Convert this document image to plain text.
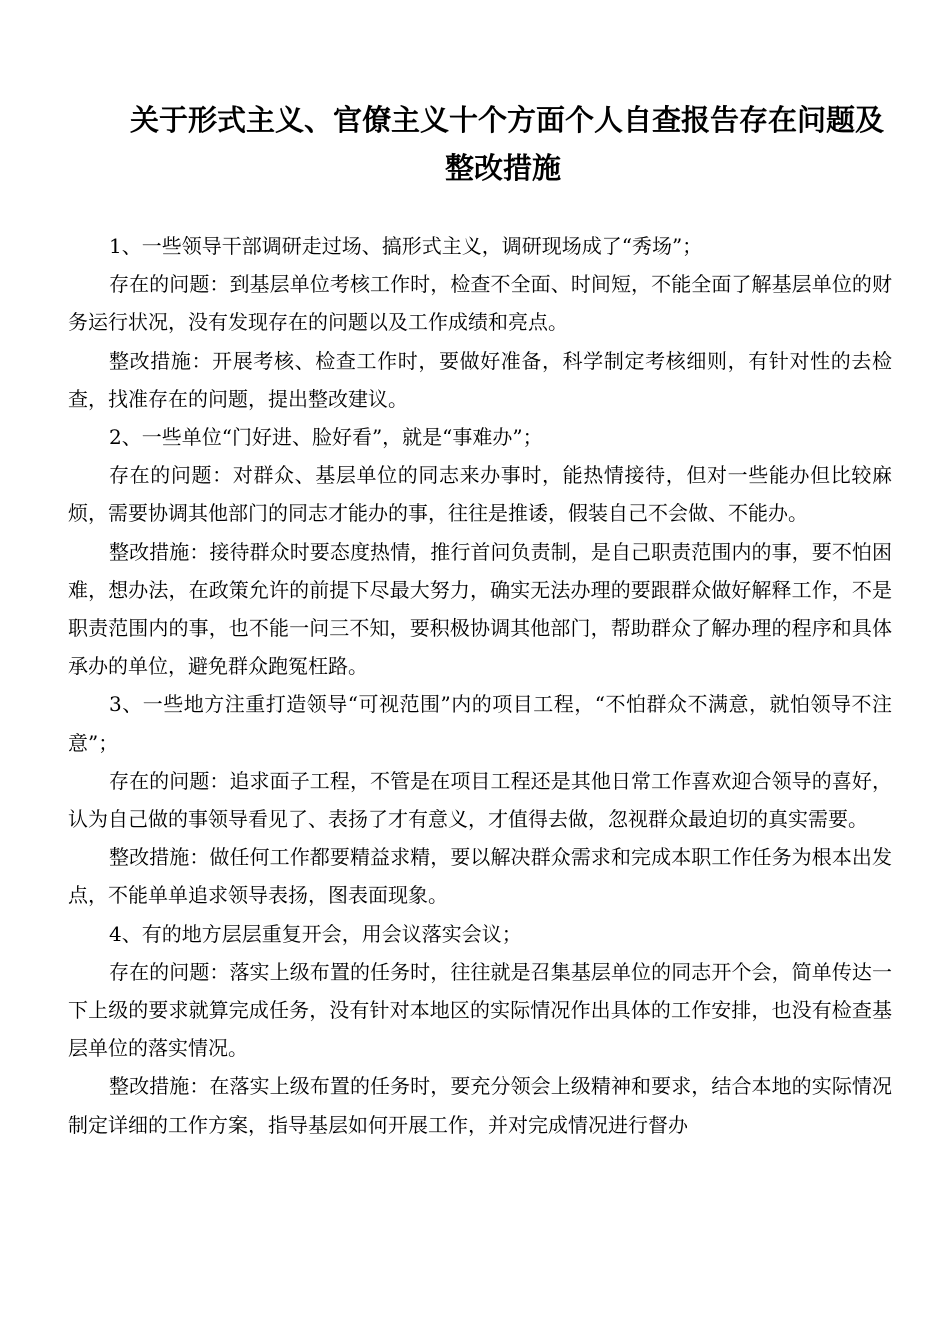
关于形式主义、官僚主义十个方面个人自查报告存在问题及
整改措施

1、一些领导干部调研走过场、搞形式主义，调研现场成了“秀场”；

存在的问题：到基层单位考核工作时，检查不全面、时间短，不能全面了解基层单位的财务运行状况，没有发现存在的问题以及工作成绩和亮点。

整改措施：开展考核、检查工作时，要做好准备，科学制定考核细则，有针对性的去检查，找准存在的问题，提出整改建议。

2、一些单位“门好进、脸好看”，就是“事难办”；

存在的问题：对群众、基层单位的同志来办事时，能热情接待，但对一些能办但比较麻烦，需要协调其他部门的同志才能办的事，往往是推诿，假装自己不会做、不能办。

整改措施：接待群众时要态度热情，推行首问负责制，是自己职责范围内的事，要不怕困难，想办法，在政策允许的前提下尽最大努力，确实无法办理的要跟群众做好解释工作，不是职责范围内的事，也不能一问三不知，要积极协调其他部门，帮助群众了解办理的程序和具体承办的单位，避免群众跑冤枉路。

3、一些地方注重打造领导“可视范围”内的项目工程，“不怕群众不满意，就怕领导不注意”；

存在的问题：追求面子工程，不管是在项目工程还是其他日常工作喜欢迎合领导的喜好，认为自己做的事领导看见了、表扬了才有意义，才值得去做，忽视群众最迫切的真实需要。

整改措施：做任何工作都要精益求精，要以解决群众需求和完成本职工作任务为根本出发点，不能单单追求领导表扬，图表面现象。

4、有的地方层层重复开会，用会议落实会议；

存在的问题：落实上级布置的任务时，往往就是召集基层单位的同志开个会，简单传达一下上级的要求就算完成任务，没有针对本地区的实际情况作出具体的工作安排，也没有检查基层单位的落实情况。

整改措施：在落实上级布置的任务时，要充分领会上级精神和要求，结合本地的实际情况制定详细的工作方案，指导基层如何开展工作，并对完成情况进行督办
